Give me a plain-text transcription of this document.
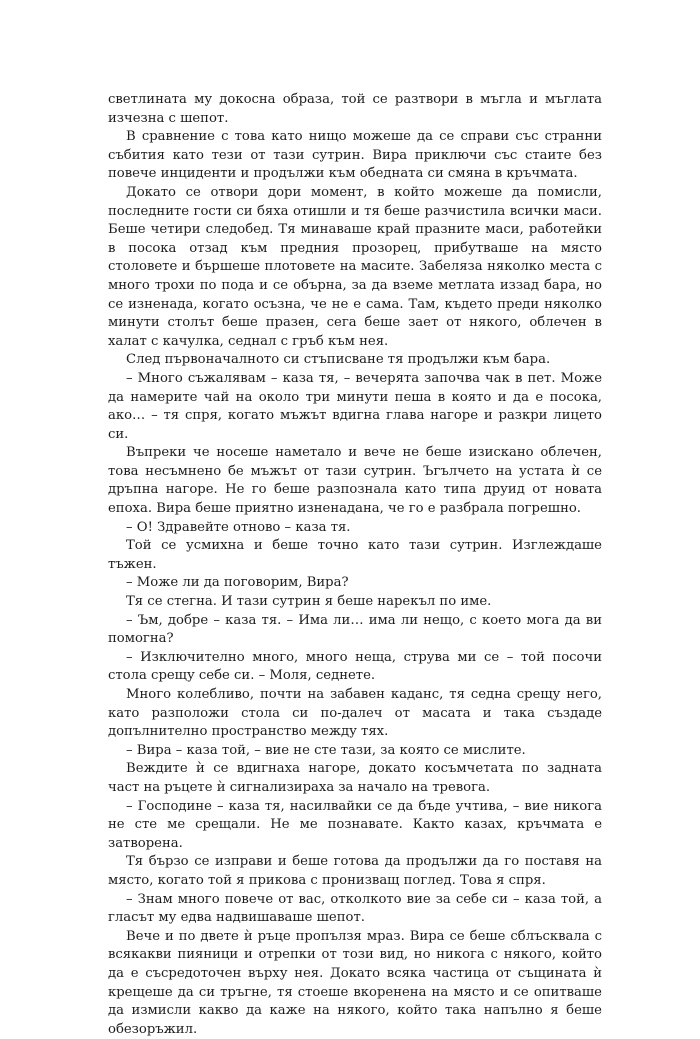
светлината му докосна образа, той се разтвори в мъгла и мъглата изчезна с шепот.

В сравнение с това като нищо можеше да се справи със странни събития като тези от тази сутрин. Вира приключи със стаите без повече инциденти и продължи към обедната си смяна в кръчмата.

Докато се отвори дори момент, в който можеше да помисли, последните гости си бяха отишли и тя беше разчистила всички маси. Беше четири следобед. Тя минаваше край празните маси, работейки в посока отзад към предния прозорец, прибутваше на място столовете и бършеше плотовете на масите. Забеляза няколко места с много трохи по пода и се обърна, за да вземе метлата иззад бара, но се изненада, когато осъзна, че не е сама. Там, където преди няколко минути столът беше празен, сега беше зает от някого, облечен в халат с качулка, седнал с гръб към нея.

След първоначалното си стъписване тя продължи към бара.

– Много съжалявам – каза тя, – вечерята започва чак в пет. Може да намерите чай на около три минути пеша в която и да е посока, ако… – тя спря, когато мъжът вдигна глава нагоре и разкри лицето си.

Въпреки че носеше наметало и вече не беше изискано облечен, това несъмнено бе мъжът от тази сутрин. Ъгълчето на устата ѝ се дръпна нагоре. Не го беше разпознала като типа друид от новата епоха. Вира беше приятно изненадана, че го е разбрала погрешно.

– О! Здравейте отново – каза тя.

Той се усмихна и беше точно като тази сутрин. Изглеждаше тъжен.

– Може ли да поговорим, Вира?

Тя се стегна. И тази сутрин я беше нарекъл по име.

– Ъм, добре – каза тя. – Има ли… има ли нещо, с което мога да ви помогна?

– Изключително много, много неща, струва ми се – той посочи стола срещу себе си. – Моля, седнете.

Много колебливо, почти на забавен каданс, тя седна срещу него, като разположи стола си по-далеч от масата и така създаде допълнително пространство между тях.

– Вира – каза той, – вие не сте тази, за която се мислите.

Веждите ѝ се вдигнаха нагоре, докато косъмчетата по задната част на ръцете ѝ сигнализираха за начало на тревога.

– Господине – каза тя, насилвайки се да бъде учтива, – вие никога не сте ме срещали. Не ме познавате. Както казах, кръчмата е затворена.

Тя бързо се изправи и беше готова да продължи да го поставя на място, когато той я прикова с пронизващ поглед. Това я спря.

– Знам много повече от вас, отколкото вие за себе си – каза той, а гласът му едва надвишаваше шепот.

Вече и по двете ѝ ръце пропълзя мраз. Вира се беше сблъсквала с всякакви пияници и отрепки от този вид, но никога с някого, който да е съсредоточен върху нея. Докато всяка частица от същината ѝ крещеше да си тръгне, тя стоеше вкоренена на място и се опитваше да измисли какво да каже на някого, който така напълно я беше обезоръжил.
